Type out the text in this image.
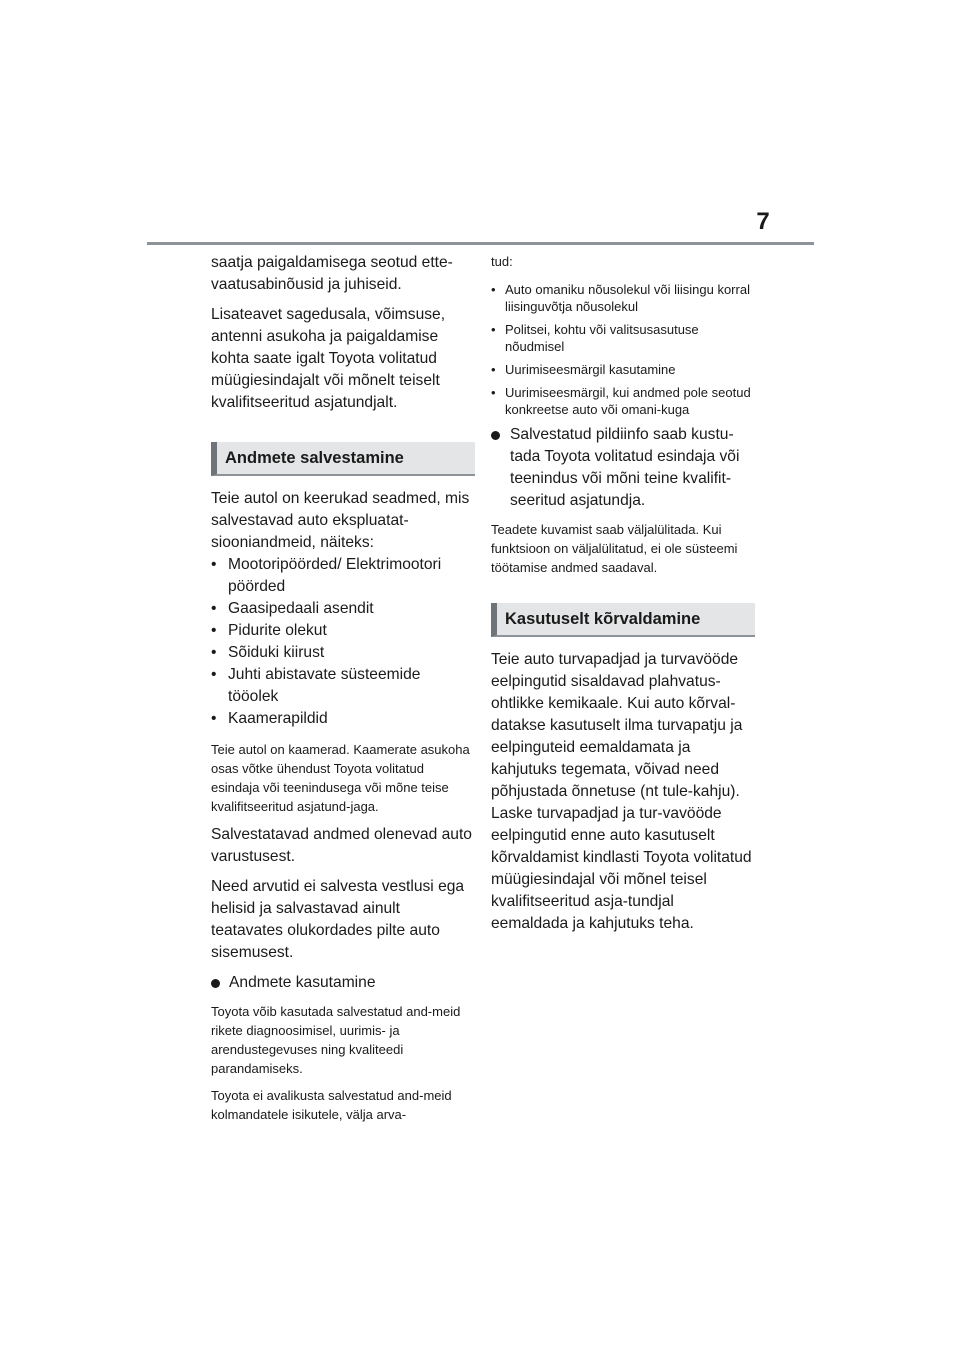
7

saatja paigaldamisega seotud ette-vaatusabinõusid ja juhiseid.

Lisateavet sagedusala, võimsuse, antenni asukoha ja paigaldamise kohta saate igalt Toyota volitatud müügiesindajalt või mõnelt teiselt kvalifitseeritud asjatundjalt.

Andmete salvestamine

Teie autol on keerukad seadmed, mis salvestavad auto ekspluatat-siooniandmeid, näiteks:

• Mootoripöörded/ Elektrimootori pöörded
• Gaasipedaali asendit
• Pidurite olekut
• Sõiduki kiirust
• Juhti abistavate süsteemide tööolek
• Kaamerapildid

Teie autol on kaamerad. Kaamerate asukoha osas võtke ühendust Toyota volitatud esindaja või teenindusega või mõne teise kvalifitseeritud asjatund-jaga.

Salvestatavad andmed olenevad auto varustusest.

Need arvutid ei salvesta vestlusi ega helisid ja salvastavad ainult teatavates olukordades pilte auto sisemusest.

Andmete kasutamine

Toyota võib kasutada salvestatud and-meid rikete diagnoosimisel, uurimis- ja arendustegevuses ning kvaliteedi parandamiseks.

Toyota ei avalikusta salvestatud and-meid kolmandatele isikutele, välja arva-

tud:

• Auto omaniku nõusolekul või liisingu korral liisinguvõtja nõusolekul
• Politsei, kohtu või valitsusasutuse nõudmisel
• Uurimiseesmärgil kasutamine
• Uurimiseesmärgil, kui andmed pole seotud konkreetse auto või omani-kuga
Salvestatud pildiinfo saab kustu-tada Toyota volitatud esindaja või teenindus või mõni teine kvalifit-seeritud asjatundja.

Teadete kuvamist saab väljalülitada. Kui funktsioon on väljalülitatud, ei ole süsteemi töötamise andmed saadaval.

Kasutuselt kõrvaldamine

Teie auto turvapadjad ja turvavööde eelpingutid sisaldavad plahvatus-ohtlikke kemikaale. Kui auto kõrval-datakse kasutuselt ilma turvapatju ja eelpinguteid eemaldamata ja kahjutuks tegemata, võivad need põhjustada õnnetuse (nt tule-kahju). Laske turvapadjad ja tur-vavööde eelpingutid enne auto kasutuselt kõrvaldamist kindlasti Toyota volitatud müügiesindajal või mõnel teisel kvalifitseeritud asja-tundjal eemaldada ja kahjutuks teha.
